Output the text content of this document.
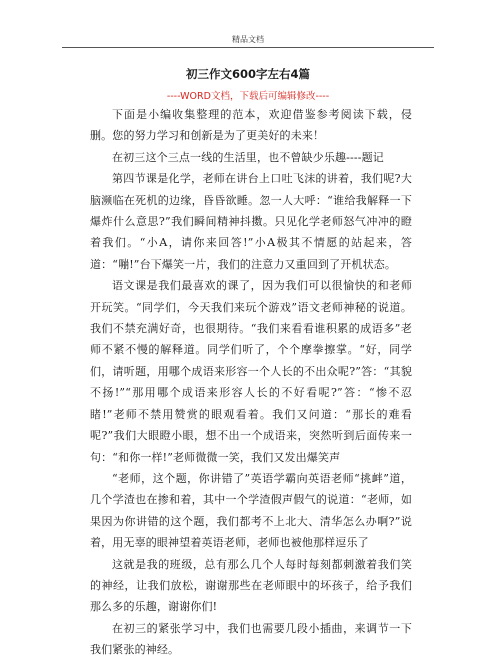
精品文档
初三作文600字左右4篇
----WORD文档，下载后可编辑修改----

下面是小编收集整理的范本，欢迎借鉴参考阅读下载，侵删。您的努力学习和创新是为了更美好的未来！

在初三这个三点一线的生活里，也不曾缺少乐趣----题记

第四节课是化学，老师在讲台上口吐飞沫的讲着，我们呢?大脑濒临在死机的边缘，昏昏欲睡。忽一人大呼：“谁给我解释一下爆炸什么意思?”我们瞬间精神抖擞。只见化学老师怒气冲冲的瞪着我们。“小A，请你来回答!”小A极其不情愿的站起来，答道：“嘣!”台下爆笑一片，我们的注意力又重回到了开机状态。

语文课是我们最喜欢的课了，因为我们可以很愉快的和老师开玩笑。“同学们，今天我们来玩个游戏”语文老师神秘的说道。我们不禁充满好奇，也很期待。“我们来看看谁积累的成语多”老师不紧不慢的解释道。同学们听了，个个摩拳擦掌。“好，同学们，请听题，用哪个成语来形容一个人长的不出众呢?”答：“其貌不扬!”“那用哪个成语来形容人长的不好看呢?”答：“惨不忍睹!”老师不禁用赞赏的眼观看着。我们又问道：“那长的难看呢?”我们大眼瞪小眼，想不出一个成语来，突然听到后面传来一句：“和你一样!”老师微微一笑，我们又发出爆笑声

“老师，这个题，你讲错了”英语学霸向英语老师“挑衅”道，几个学渣也在掺和着，其中一个学渣假声假气的说道：“老师，如果因为你讲错的这个题，我们都考不上北大、清华怎么办啊?”说着，用无辜的眼神望着英语老师，老师也被他那样逗乐了

这就是我的班级，总有那么几个人每时每刻都刺激着我们笑的神经，让我们放松，谢谢那些在老师眼中的坏孩子，给予我们那么多的乐趣，谢谢你们!

在初三的紧张学习中，我们也需要几段小插曲，来调节一下我们紧张的神经。
